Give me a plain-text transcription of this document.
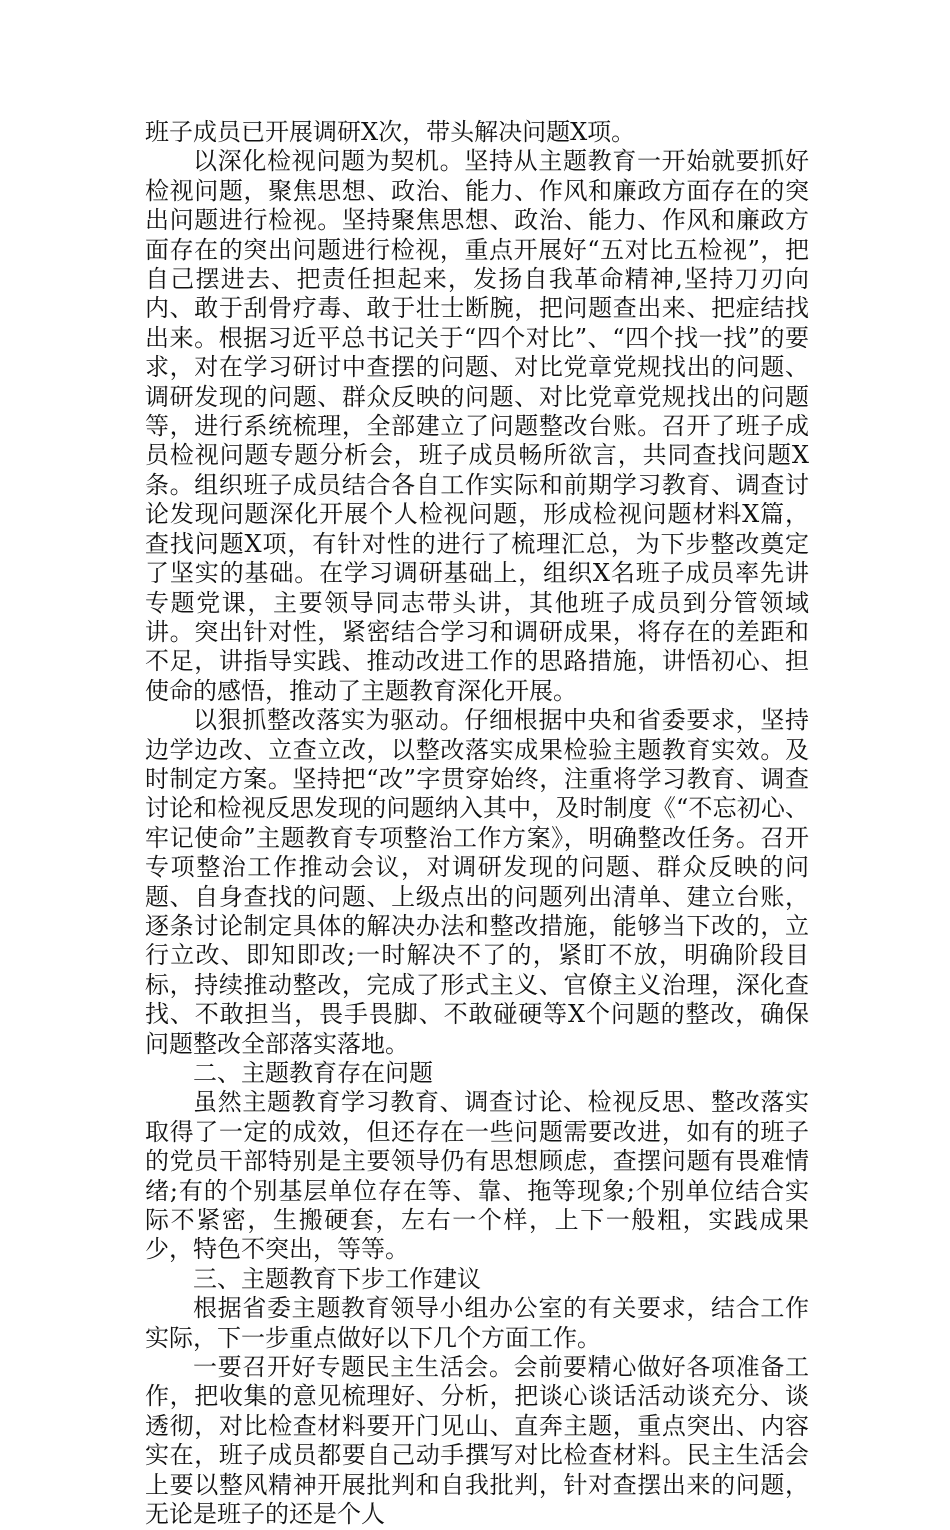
班子成员已开展调研X次，带头解决问题X项。

以深化检视问题为契机。坚持从主题教育一开始就要抓好检视问题，聚焦思想、政治、能力、作风和廉政方面存在的突出问题进行检视。坚持聚焦思想、政治、能力、作风和廉政方面存在的突出问题进行检视，重点开展好“五对比五检视”，把自己摆进去、把责任担起来，发扬自我革命精神,坚持刀刃向内、敢于刮骨疗毒、敢于壮士断腕，把问题查出来、把症结找出来。根据习近平总书记关于“四个对比”、“四个找一找”的要求，对在学习研讨中查摆的问题、对比党章党规找出的问题、调研发现的问题、群众反映的问题、对比党章党规找出的问题等，进行系统梳理，全部建立了问题整改台账。召开了班子成员检视问题专题分析会，班子成员畅所欲言，共同查找问题X条。组织班子成员结合各自工作实际和前期学习教育、调查讨论发现问题深化开展个人检视问题，形成检视问题材料X篇，查找问题X项，有针对性的进行了梳理汇总，为下步整改奠定了坚实的基础。在学习调研基础上，组织X名班子成员率先讲专题党课，主要领导同志带头讲，其他班子成员到分管领域讲。突出针对性，紧密结合学习和调研成果，将存在的差距和不足，讲指导实践、推动改进工作的思路措施，讲悟初心、担使命的感悟，推动了主题教育深化开展。

以狠抓整改落实为驱动。仔细根据中央和省委要求，坚持边学边改、立查立改，以整改落实成果检验主题教育实效。及时制定方案。坚持把“改”字贯穿始终，注重将学习教育、调查讨论和检视反思发现的问题纳入其中，及时制度《“不忘初心、牢记使命”主题教育专项整治工作方案》，明确整改任务。召开专项整治工作推动会议，对调研发现的问题、群众反映的问题、自身查找的问题、上级点出的问题列出清单、建立台账，逐条讨论制定具体的解决办法和整改措施，能够当下改的，立行立改、即知即改;一时解决不了的，紧盯不放，明确阶段目标，持续推动整改，完成了形式主义、官僚主义治理，深化查找、不敢担当，畏手畏脚、不敢碰硬等X个问题的整改，确保问题整改全部落实落地。

二、主题教育存在问题

虽然主题教育学习教育、调查讨论、检视反思、整改落实取得了一定的成效，但还存在一些问题需要改进，如有的班子的党员干部特别是主要领导仍有思想顾虑，查摆问题有畏难情绪;有的个别基层单位存在等、靠、拖等现象;个别单位结合实际不紧密，生搬硬套，左右一个样，上下一般粗，实践成果少，特色不突出，等等。

三、主题教育下步工作建议

根据省委主题教育领导小组办公室的有关要求，结合工作实际，下一步重点做好以下几个方面工作。

一要召开好专题民主生活会。会前要精心做好各项准备工作，把收集的意见梳理好、分析，把谈心谈话活动谈充分、谈透彻，对比检查材料要开门见山、直奔主题，重点突出、内容实在，班子成员都要自己动手撰写对比检查材料。民主生活会上要以整风精神开展批判和自我批判，针对查摆出来的问题，无论是班子的还是个人
